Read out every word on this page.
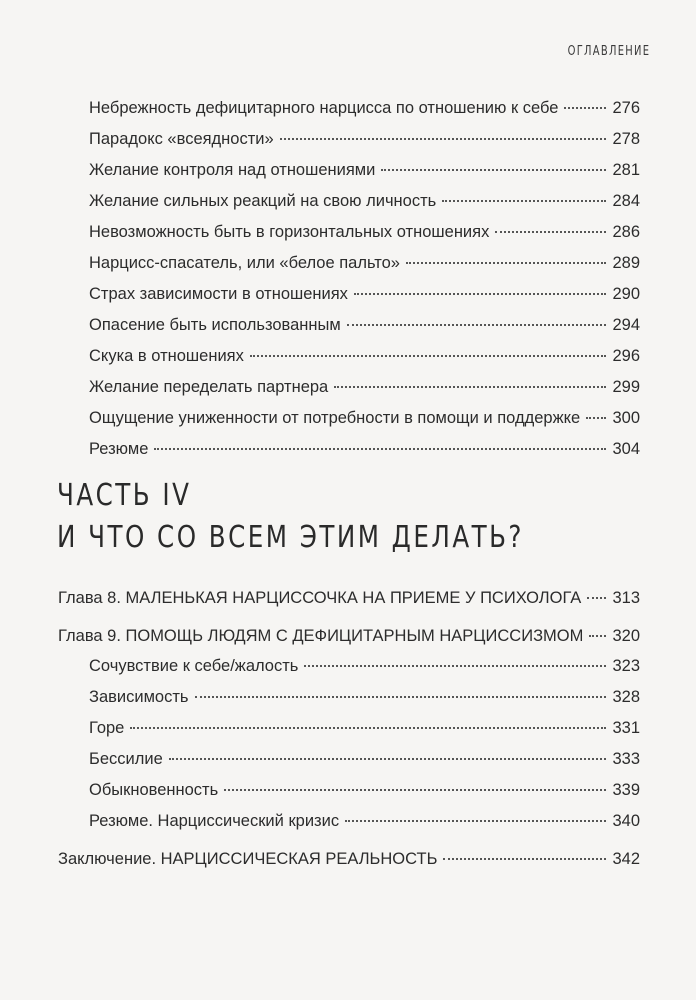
ОГЛАВЛЕНИЕ
Небрежность дефицитарного нарцисса по отношению к себе	276
Парадокс «всеядности»	278
Желание контроля над отношениями	281
Желание сильных реакций на свою личность	284
Невозможность быть в горизонтальных отношениях	286
Нарцисс-спасатель, или «белое пальто»	289
Страх зависимости в отношениях	290
Опасение быть использованным	294
Скука в отношениях	296
Желание переделать партнера	299
Ощущение униженности от потребности в помощи и поддержке 300
Резюме	304
ЧАСТЬ IV
И ЧТО СО ВСЕМ ЭТИМ ДЕЛАТЬ?
Глава 8. МАЛЕНЬКАЯ НАРЦИССОЧКА НА ПРИЕМЕ У ПСИХОЛОГА 313
Глава 9. ПОМОЩЬ ЛЮДЯМ С ДЕФИЦИТАРНЫМ НАРЦИССИЗМОМ 320
Сочувствие к себе/жалость	323
Зависимость	328
Горе	331
Бессилие	333
Обыкновенность	339
Резюме. Нарциссический кризис	340
Заключение. НАРЦИССИЧЕСКАЯ РЕАЛЬНОСТЬ	342
